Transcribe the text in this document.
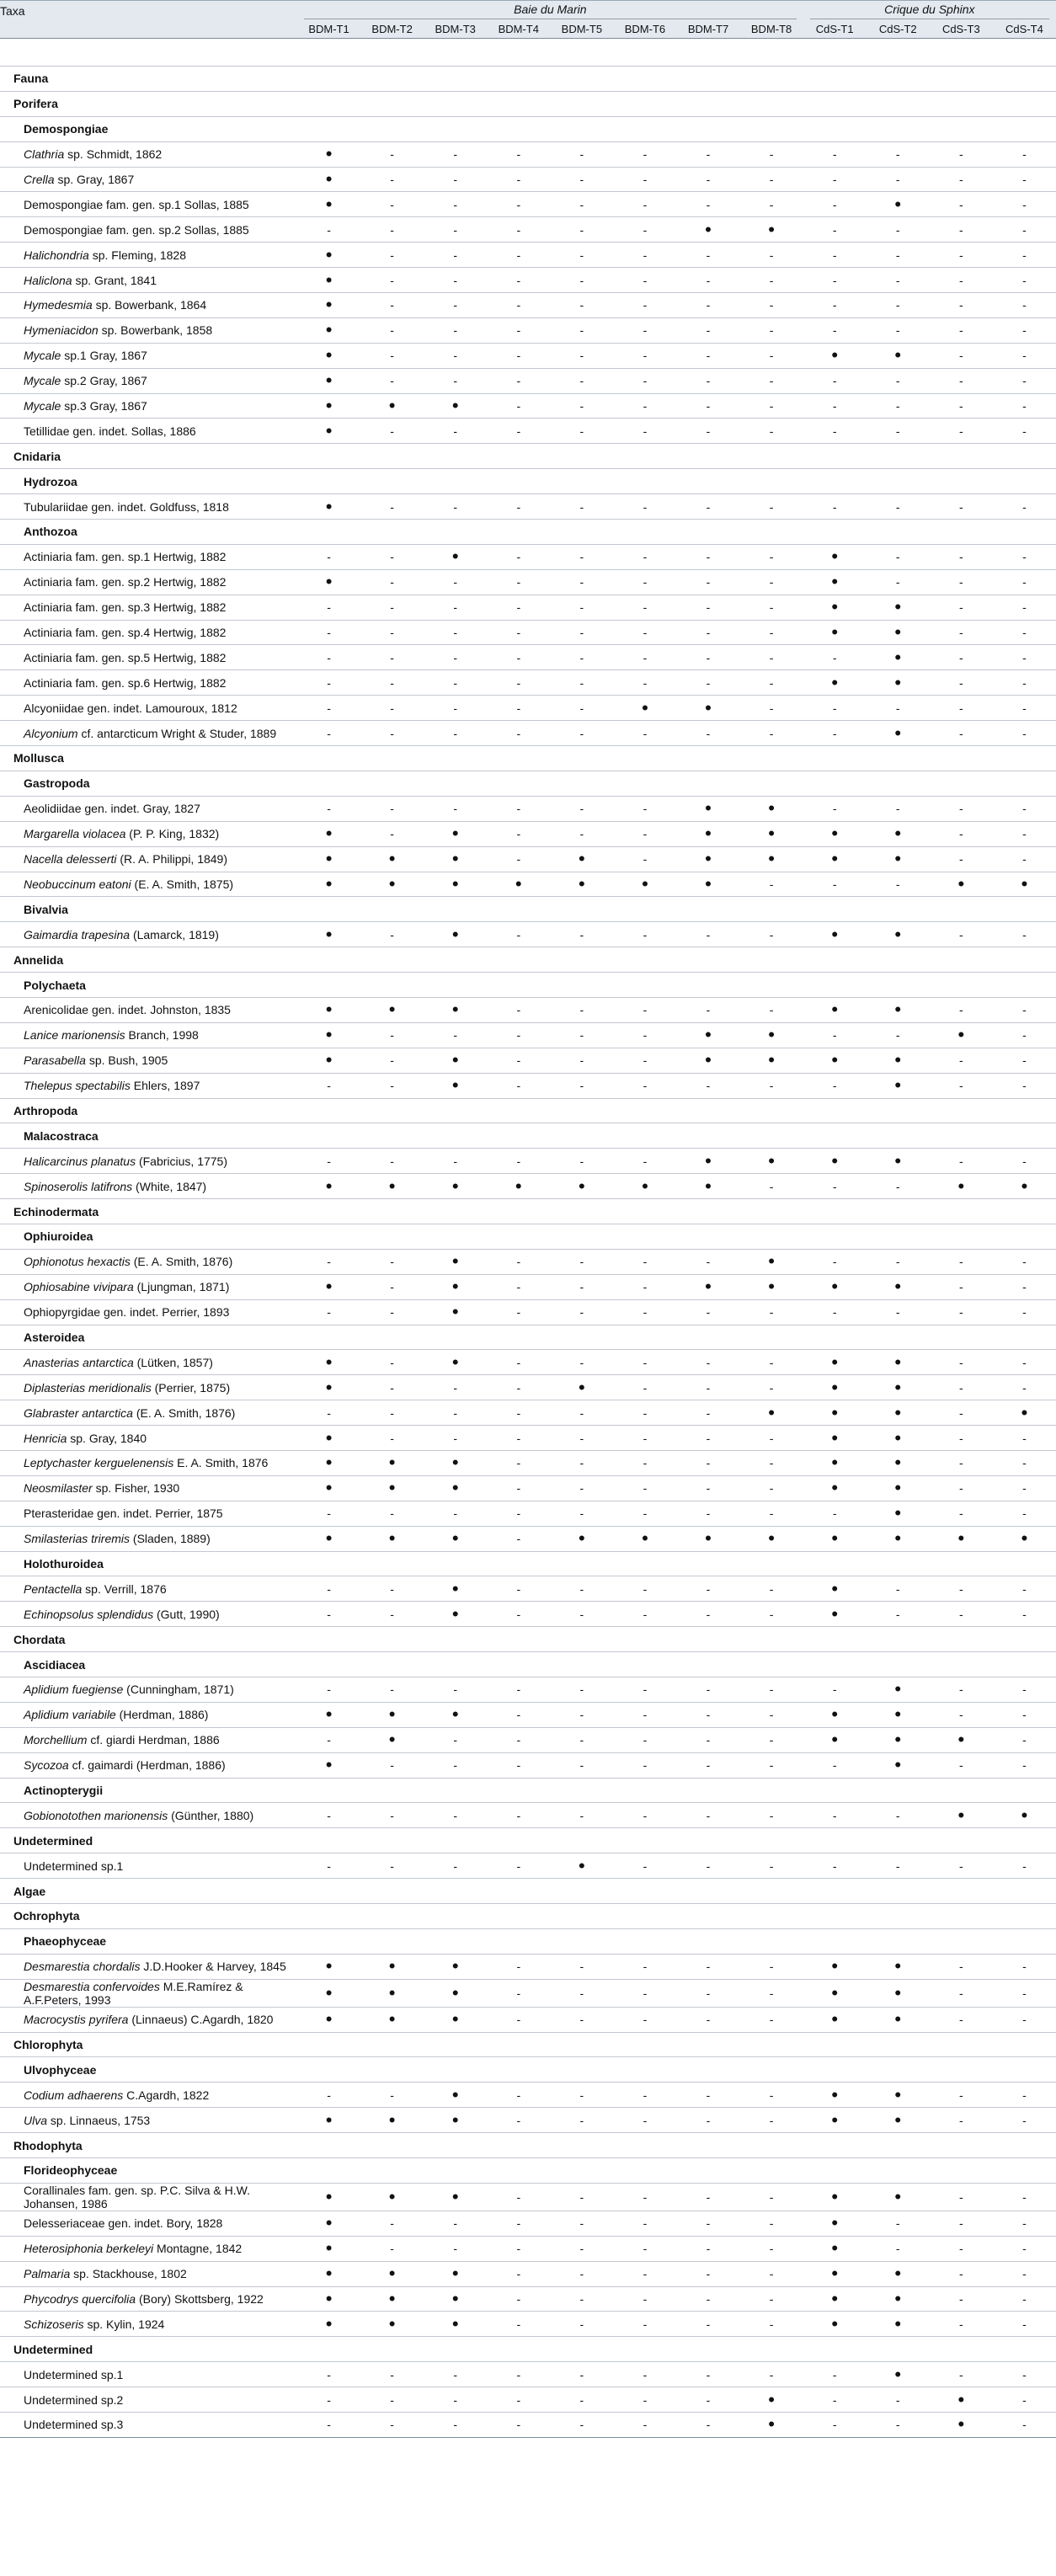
Taxa	Baie du Marin								Crique du Sphinx			

	BDM-T1	BDM-T2	BDM-T3	BDM-T4	BDM-T5	BDM-T6	BDM-T7	BDM-T8	CdS-T1	CdS-T2	CdS-T3	CdS-T4

Fauna												
Porifera												
Demospongiae												
Clathria sp. Schmidt, 1862	•	-	-	-	-	-	-	-	-	-	-	-
Crella sp. Gray, 1867	•	-	-	-	-	-	-	-	-	-	-	-
Demospongiae fam. gen. sp.1 Sollas, 1885	•	-	-	-	-	-	-	-	-	•	-	-
Demospongiae fam. gen. sp.2 Sollas, 1885	-	-	-	-	-	-	•	•	-	-	-	-
Halichondria sp. Fleming, 1828	•	-	-	-	-	-	-	-	-	-	-	-
Haliclona sp. Grant, 1841	•	-	-	-	-	-	-	-	-	-	-	-
Hymedesmia sp. Bowerbank, 1864	•	-	-	-	-	-	-	-	-	-	-	-
Hymeniacidon sp. Bowerbank, 1858	•	-	-	-	-	-	-	-	-	-	-	-
Mycale sp.1 Gray, 1867	•	-	-	-	-	-	-	-	•	•	-	-
Mycale sp.2 Gray, 1867	•	-	-	-	-	-	-	-	-	-	-	-
Mycale sp.3 Gray, 1867	•	•	•	-	-	-	-	-	-	-	-	-
Tetillidae gen. indet. Sollas, 1886	•	-	-	-	-	-	-	-	-	-	-	-
Cnidaria												
Hydrozoa												
Tubulariidae gen. indet. Goldfuss, 1818	•	-	-	-	-	-	-	-	-	-	-	-
Anthozoa												
Actiniaria fam. gen. sp.1 Hertwig, 1882	-	-	•	-	-	-	-	-	•	-	-	-
Actiniaria fam. gen. sp.2 Hertwig, 1882	•	-	-	-	-	-	-	-	•	-	-	-
Actiniaria fam. gen. sp.3 Hertwig, 1882	-	-	-	-	-	-	-	-	•	•	-	-
Actiniaria fam. gen. sp.4 Hertwig, 1882	-	-	-	-	-	-	-	-	•	•	-	-
Actiniaria fam. gen. sp.5 Hertwig, 1882	-	-	-	-	-	-	-	-	-	•	-	-
Actiniaria fam. gen. sp.6 Hertwig, 1882	-	-	-	-	-	-	-	-	•	•	-	-
Alcyoniidae gen. indet. Lamouroux, 1812	-	-	-	-	-	•	•	-	-	-	-	-
Alcyonium cf. antarcticum Wright & Studer, 1889	-	-	-	-	-	-	-	-	-	•	-	-
Mollusca												
Gastropoda												
Aeolidiidae gen. indet. Gray, 1827	-	-	-	-	-	-	•	•	-	-	-	-
Margarella violacea (P. P. King, 1832)	•	-	•	-	-	-	•	•	•	•	-	-
Nacella delesserti (R. A. Philippi, 1849)	•	•	•	-	•	-	•	•	•	•	-	-
Neobuccinum eatoni (E. A. Smith, 1875)	•	•	•	•	•	•	•	-	-	-	•	•
Bivalvia												
Gaimardia trapesina (Lamarck, 1819)	•	-	•	-	-	-	-	-	•	•	-	-
Annelida												
Polychaeta												
Arenicolidae gen. indet. Johnston, 1835	•	•	•	-	-	-	-	-	•	•	-	-
Lanice marionensis Branch, 1998	•	-	-	-	-	-	•	•	-	-	•	-
Parasabella sp. Bush, 1905	•	-	•	-	-	-	•	•	•	•	-	-
Thelepus spectabilis Ehlers, 1897	-	-	•	-	-	-	-	-	-	•	-	-
Arthropoda												
Malacostraca												
Halicarcinus planatus (Fabricius, 1775)	-	-	-	-	-	-	•	•	•	•	-	-
Spinoserolis latifrons (White, 1847)	•	•	•	•	•	•	•	-	-	-	•	•
Echinodermata												
Ophiuroidea												
Ophionotus hexactis (E. A. Smith, 1876)	-	-	•	-	-	-	-	•	-	-	-	-
Ophiosabine vivipara (Ljungman, 1871)	•	-	•	-	-	-	•	•	•	•	-	-
Ophiopyrgidae gen. indet. Perrier, 1893	-	-	•	-	-	-	-	-	-	-	-	-
Asteroidea												
Anasterias antarctica (Lütken, 1857)	•	-	•	-	-	-	-	-	•	•	-	-
Diplasterias meridionalis (Perrier, 1875)	•	-	-	-	•	-	-	-	•	•	-	-
Glabraster antarctica (E. A. Smith, 1876)	-	-	-	-	-	-	-	•	•	•	-	•
Henricia sp. Gray, 1840	•	-	-	-	-	-	-	-	•	•	-	-
Leptychaster kerguelenensis E. A. Smith, 1876	•	•	•	-	-	-	-	-	•	•	-	-
Neosmilaster sp. Fisher, 1930	•	•	•	-	-	-	-	-	•	•	-	-
Pterasteridae gen. indet. Perrier, 1875	-	-	-	-	-	-	-	-	-	•	-	-
Smilasterias triremis (Sladen, 1889)	•	•	•	-	•	•	•	•	•	•	•	•
Holothuroidea												
Pentactella sp. Verrill, 1876	-	-	•	-	-	-	-	-	•	-	-	-
Echinopsolus splendidus (Gutt, 1990)	-	-	•	-	-	-	-	-	•	-	-	-
Chordata												
Ascidiacea												
Aplidium fuegiense (Cunningham, 1871)	-	-	-	-	-	-	-	-	-	•	-	-
Aplidium variabile (Herdman, 1886)	•	•	•	-	-	-	-	-	•	•	-	-
Morchellium cf. giardi Herdman, 1886	-	•	-	-	-	-	-	-	•	•	•	-
Sycozoa cf. gaimardi (Herdman, 1886)	•	-	-	-	-	-	-	-	-	•	-	-
Actinopterygii												
Gobionotothen marionensis (Günther, 1880)	-	-	-	-	-	-	-	-	-	-	•	•
Undetermined												
Undetermined sp.1	-	-	-	-	•	-	-	-	-	-	-	-
Algae												
Ochrophyta												
Phaeophyceae												
Desmarestia chordalis J.D.Hooker & Harvey, 1845	•	•	•	-	-	-	-	-	•	•	-	-
Desmarestia confervoides M.E.Ramírez & A.F.Peters, 1993	•	•	•	-	-	-	-	-	•	•	-	-
Macrocystis pyrifera (Linnaeus) C.Agardh, 1820	•	•	•	-	-	-	-	-	•	•	-	-
Chlorophyta												
Ulvophyceae												
Codium adhaerens C.Agardh, 1822	-	-	•	-	-	-	-	-	•	•	-	-
Ulva sp. Linnaeus, 1753	•	•	•	-	-	-	-	-	•	•	-	-
Rhodophyta												
Florideophyceae												
Corallinales fam. gen. sp. P.C. Silva & H.W. Johansen, 1986	•	•	•	-	-	-	-	-	•	•	-	-
Delesseriaceae gen. indet. Bory, 1828	•	-	-	-	-	-	-	-	•	-	-	-
Heterosiphonia berkeleyi Montagne, 1842	•	-	-	-	-	-	-	-	•	-	-	-
Palmaria sp. Stackhouse, 1802	•	•	•	-	-	-	-	-	•	•	-	-
Phycodrys quercifolia (Bory) Skottsberg, 1922	•	•	•	-	-	-	-	-	•	•	-	-
Schizoseris sp. Kylin, 1924	•	•	•	-	-	-	-	-	•	•	-	-
Undetermined												
Undetermined sp.1	-	-	-	-	-	-	-	-	-	•	-	-
Undetermined sp.2	-	-	-	-	-	-	-	•	-	-	•	-
Undetermined sp.3	-	-	-	-	-	-	-	•	-	-	•	-
